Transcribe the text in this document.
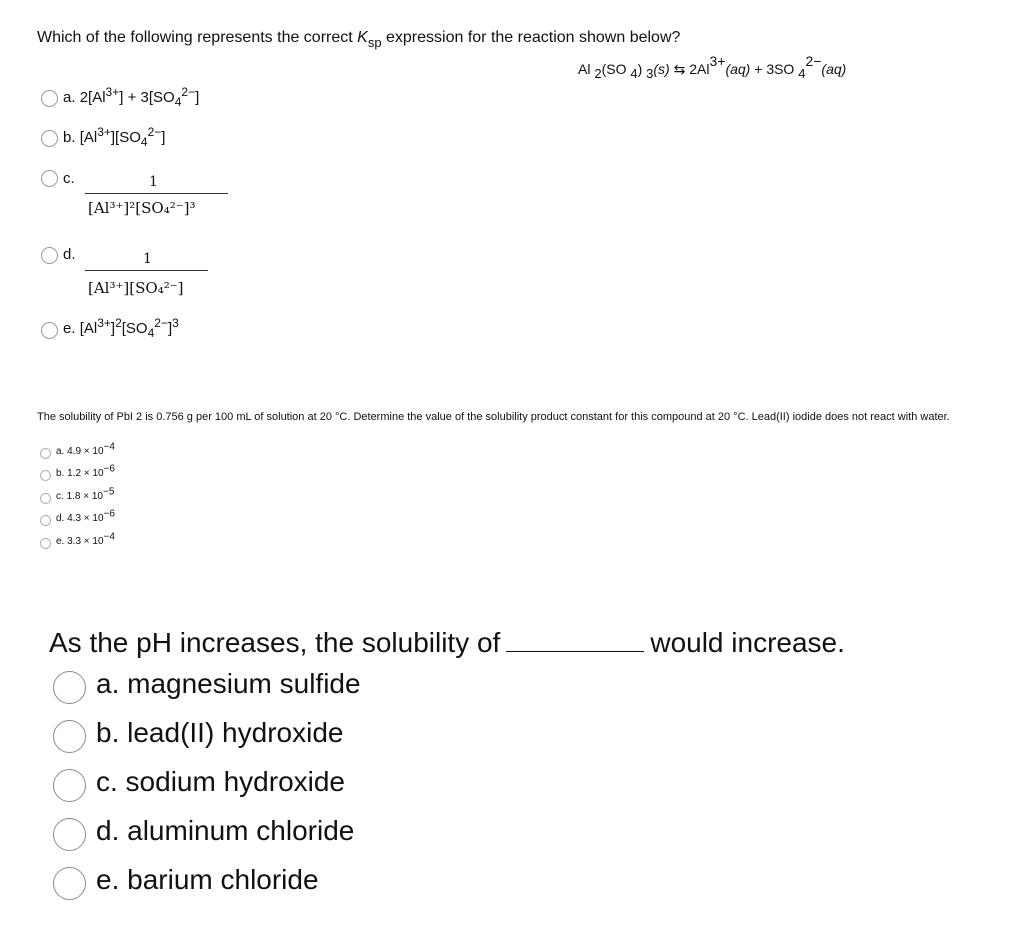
Which of the following represents the correct $K_{sp}$ expression for the reaction shown below?
Al $_2$(SO $_4$) $_3$(s) ⇆ $2Al^{3+}(aq) + 3SO$ $_4^{2-}$(aq)
a. $2[Al^{3+}] + 3[SO_4^{2-}]$
b. $[Al^{3+}][SO_4^{2-}]$
c.	1
[Al³⁺]²[SO₄²⁻]³
d.	1
[Al³⁺][SO₄²⁻]
e. $[Al^{3+}]^2[SO_4^{2-}]^3$
The solubility of PbI 2 is 0.756 g per 100 mL of solution at 20 °C. Determine the value of the solubility product constant for this compound at 20 °C. Lead(II) iodide does not react with water.
a. $4.9 \times 10^{-4}$
b. $1.2 \times 10^{-6}$
c. $1.8 \times 10^{-5}$
d. $4.3 \times 10^{-6}$
e. $3.3 \times 10^{-4}$
As the pH increases, the solubility of	would increase.
a. magnesium sulfide
b. lead(II) hydroxide
c. sodium hydroxide
d. aluminum chloride
e. barium chloride
